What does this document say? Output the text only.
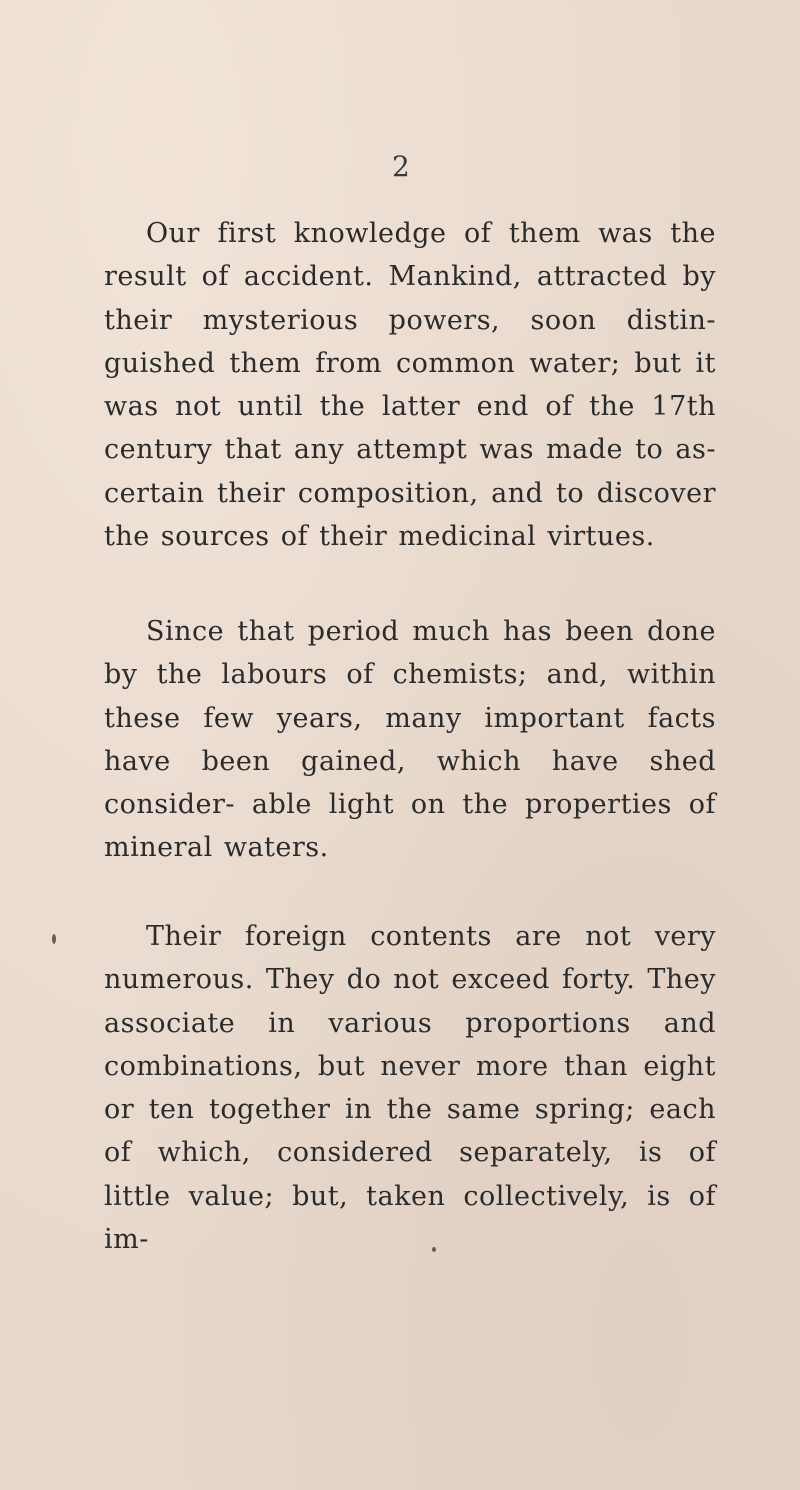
2

Our first knowledge of them was the result of accident. Mankind, attracted by their mysterious powers, soon distin- guished them from common water; but it was not until the latter end of the 17th century that any attempt was made to as- certain their composition, and to discover the sources of their medicinal virtues.

Since that period much has been done by the labours of chemists; and, within these few years, many important facts have been gained, which have shed consider- able light on the properties of mineral waters.

Their foreign contents are not very numerous. They do not exceed forty. They associate in various proportions and combinations, but never more than eight or ten together in the same spring; each of which, considered separately, is of little value; but, taken collectively, is of im-
